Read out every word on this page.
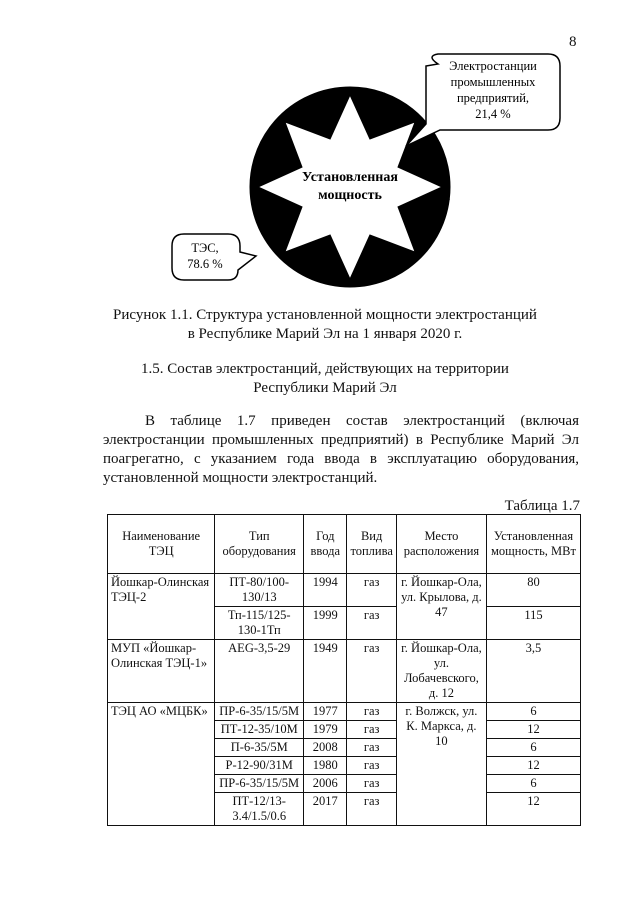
8
Установленная
мощность
Электростанции
промышленных
предприятий,
21,4 %
ТЭС,
78.6 %
Рисунок 1.1. Структура установленной мощности электростанций
в Республике Марий Эл на 1 января 2020 г.
1.5. Состав электростанций, действующих на территории
Республики Марий Эл
В таблице 1.7 приведен состав электростанций (включая электростанции промышленных предприятий) в Республике Марий Эл поагрегатно, с указанием года ввода в эксплуатацию оборудования, установленной мощности электростанций.
Таблица 1.7
Наименование ТЭЦ	Тип оборудования	Год ввода	Вид топлива	Место расположения	Установленная мощность, МВт
Йошкар-Олинская ТЭЦ-2	ПТ-80/100-130/13	1994	газ	г. Йошкар-Ола, ул. Крылова, д. 47	80
	Тп-115/125-130-1Тп	1999	газ		115
МУП «Йошкар-Олинская ТЭЦ-1»	AEG-3,5-29	1949	газ	г. Йошкар-Ола, ул. Лобачевского, д. 12	3,5
ТЭЦ АО «МЦБК»	ПР-6-35/15/5М	1977	газ	г. Волжск, ул. К. Маркса, д. 10	6
	ПТ-12-35/10М	1979	газ		12
	П-6-35/5М	2008	газ		6
	Р-12-90/31М	1980	газ		12
	ПР-6-35/15/5М	2006	газ		6
	ПТ-12/13-3.4/1.5/0.6	2017	газ		12
